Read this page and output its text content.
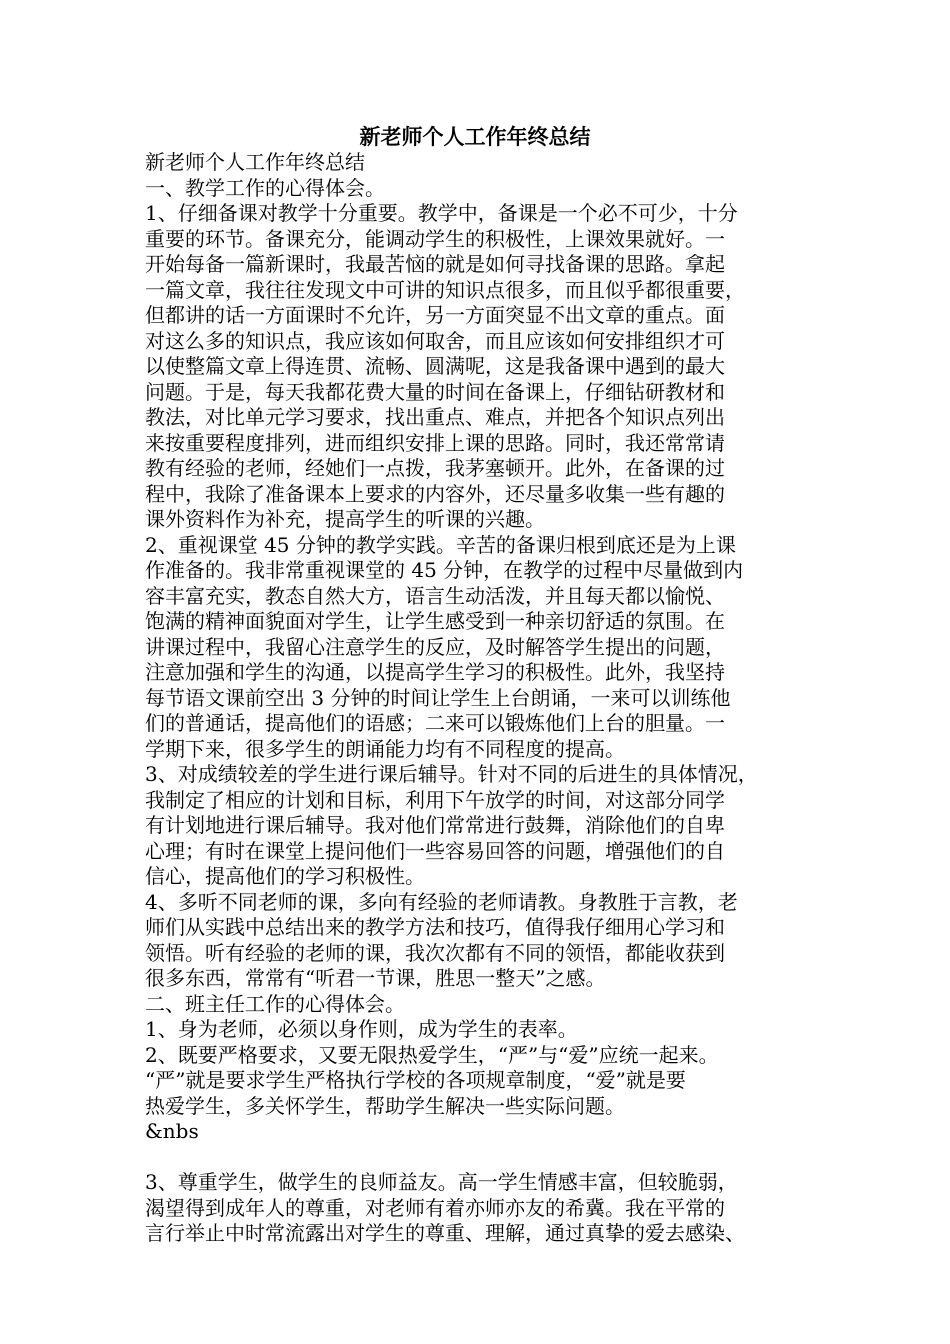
新老师个人工作年终总结
新老师个人工作年终总结
一、教学工作的心得体会。
1、仔细备课对教学十分重要。教学中，备课是一个必不可少，十分
重要的环节。备课充分，能调动学生的积极性，上课效果就好。一
开始每备一篇新课时，我最苦恼的就是如何寻找备课的思路。拿起
一篇文章，我往往发现文中可讲的知识点很多，而且似乎都很重要，
但都讲的话一方面课时不允许，另一方面突显不出文章的重点。面
对这么多的知识点，我应该如何取舍，而且应该如何安排组织才可
以使整篇文章上得连贯、流畅、圆满呢，这是我备课中遇到的最大
问题。于是，每天我都花费大量的时间在备课上，仔细钻研教材和
教法，对比单元学习要求，找出重点、难点，并把各个知识点列出
来按重要程度排列，进而组织安排上课的思路。同时，我还常常请
教有经验的老师，经她们一点拨，我茅塞顿开。此外，在备课的过
程中，我除了准备课本上要求的内容外，还尽量多收集一些有趣的
课外资料作为补充，提高学生的听课的兴趣。
2、重视课堂 45 分钟的教学实践。辛苦的备课归根到底还是为上课
作准备的。我非常重视课堂的 45 分钟，在教学的过程中尽量做到内
容丰富充实，教态自然大方，语言生动活泼，并且每天都以愉悦、
饱满的精神面貌面对学生，让学生感受到一种亲切舒适的氛围。在
讲课过程中，我留心注意学生的反应，及时解答学生提出的问题，
注意加强和学生的沟通，以提高学生学习的积极性。此外，我坚持
每节语文课前空出 3 分钟的时间让学生上台朗诵，一来可以训练他
们的普通话，提高他们的语感；二来可以锻炼他们上台的胆量。一
学期下来，很多学生的朗诵能力均有不同程度的提高。
3、对成绩较差的学生进行课后辅导。针对不同的后进生的具体情况，
我制定了相应的计划和目标，利用下午放学的时间，对这部分同学
有计划地进行课后辅导。我对他们常常进行鼓舞，消除他们的自卑
心理；有时在课堂上提问他们一些容易回答的问题，增强他们的自
信心，提高他们的学习积极性。
4、多听不同老师的课，多向有经验的老师请教。身教胜于言教，老
师们从实践中总结出来的教学方法和技巧，值得我仔细用心学习和
领悟。听有经验的老师的课，我次次都有不同的领悟，都能收获到
很多东西，常常有“听君一节课，胜思一整天”之感。
二、班主任工作的心得体会。
1、身为老师，必须以身作则，成为学生的表率。
2、既要严格要求，又要无限热爱学生，“严”与“爱”应统一起来。
“严”就是要求学生严格执行学校的各项规章制度，“爱”就是要
热爱学生，多关怀学生，帮助学生解决一些实际问题。
&nbs
3、尊重学生，做学生的良师益友。高一学生情感丰富，但较脆弱，
渴望得到成年人的尊重，对老师有着亦师亦友的希冀。我在平常的
言行举止中时常流露出对学生的尊重、理解，通过真挚的爱去感染、
